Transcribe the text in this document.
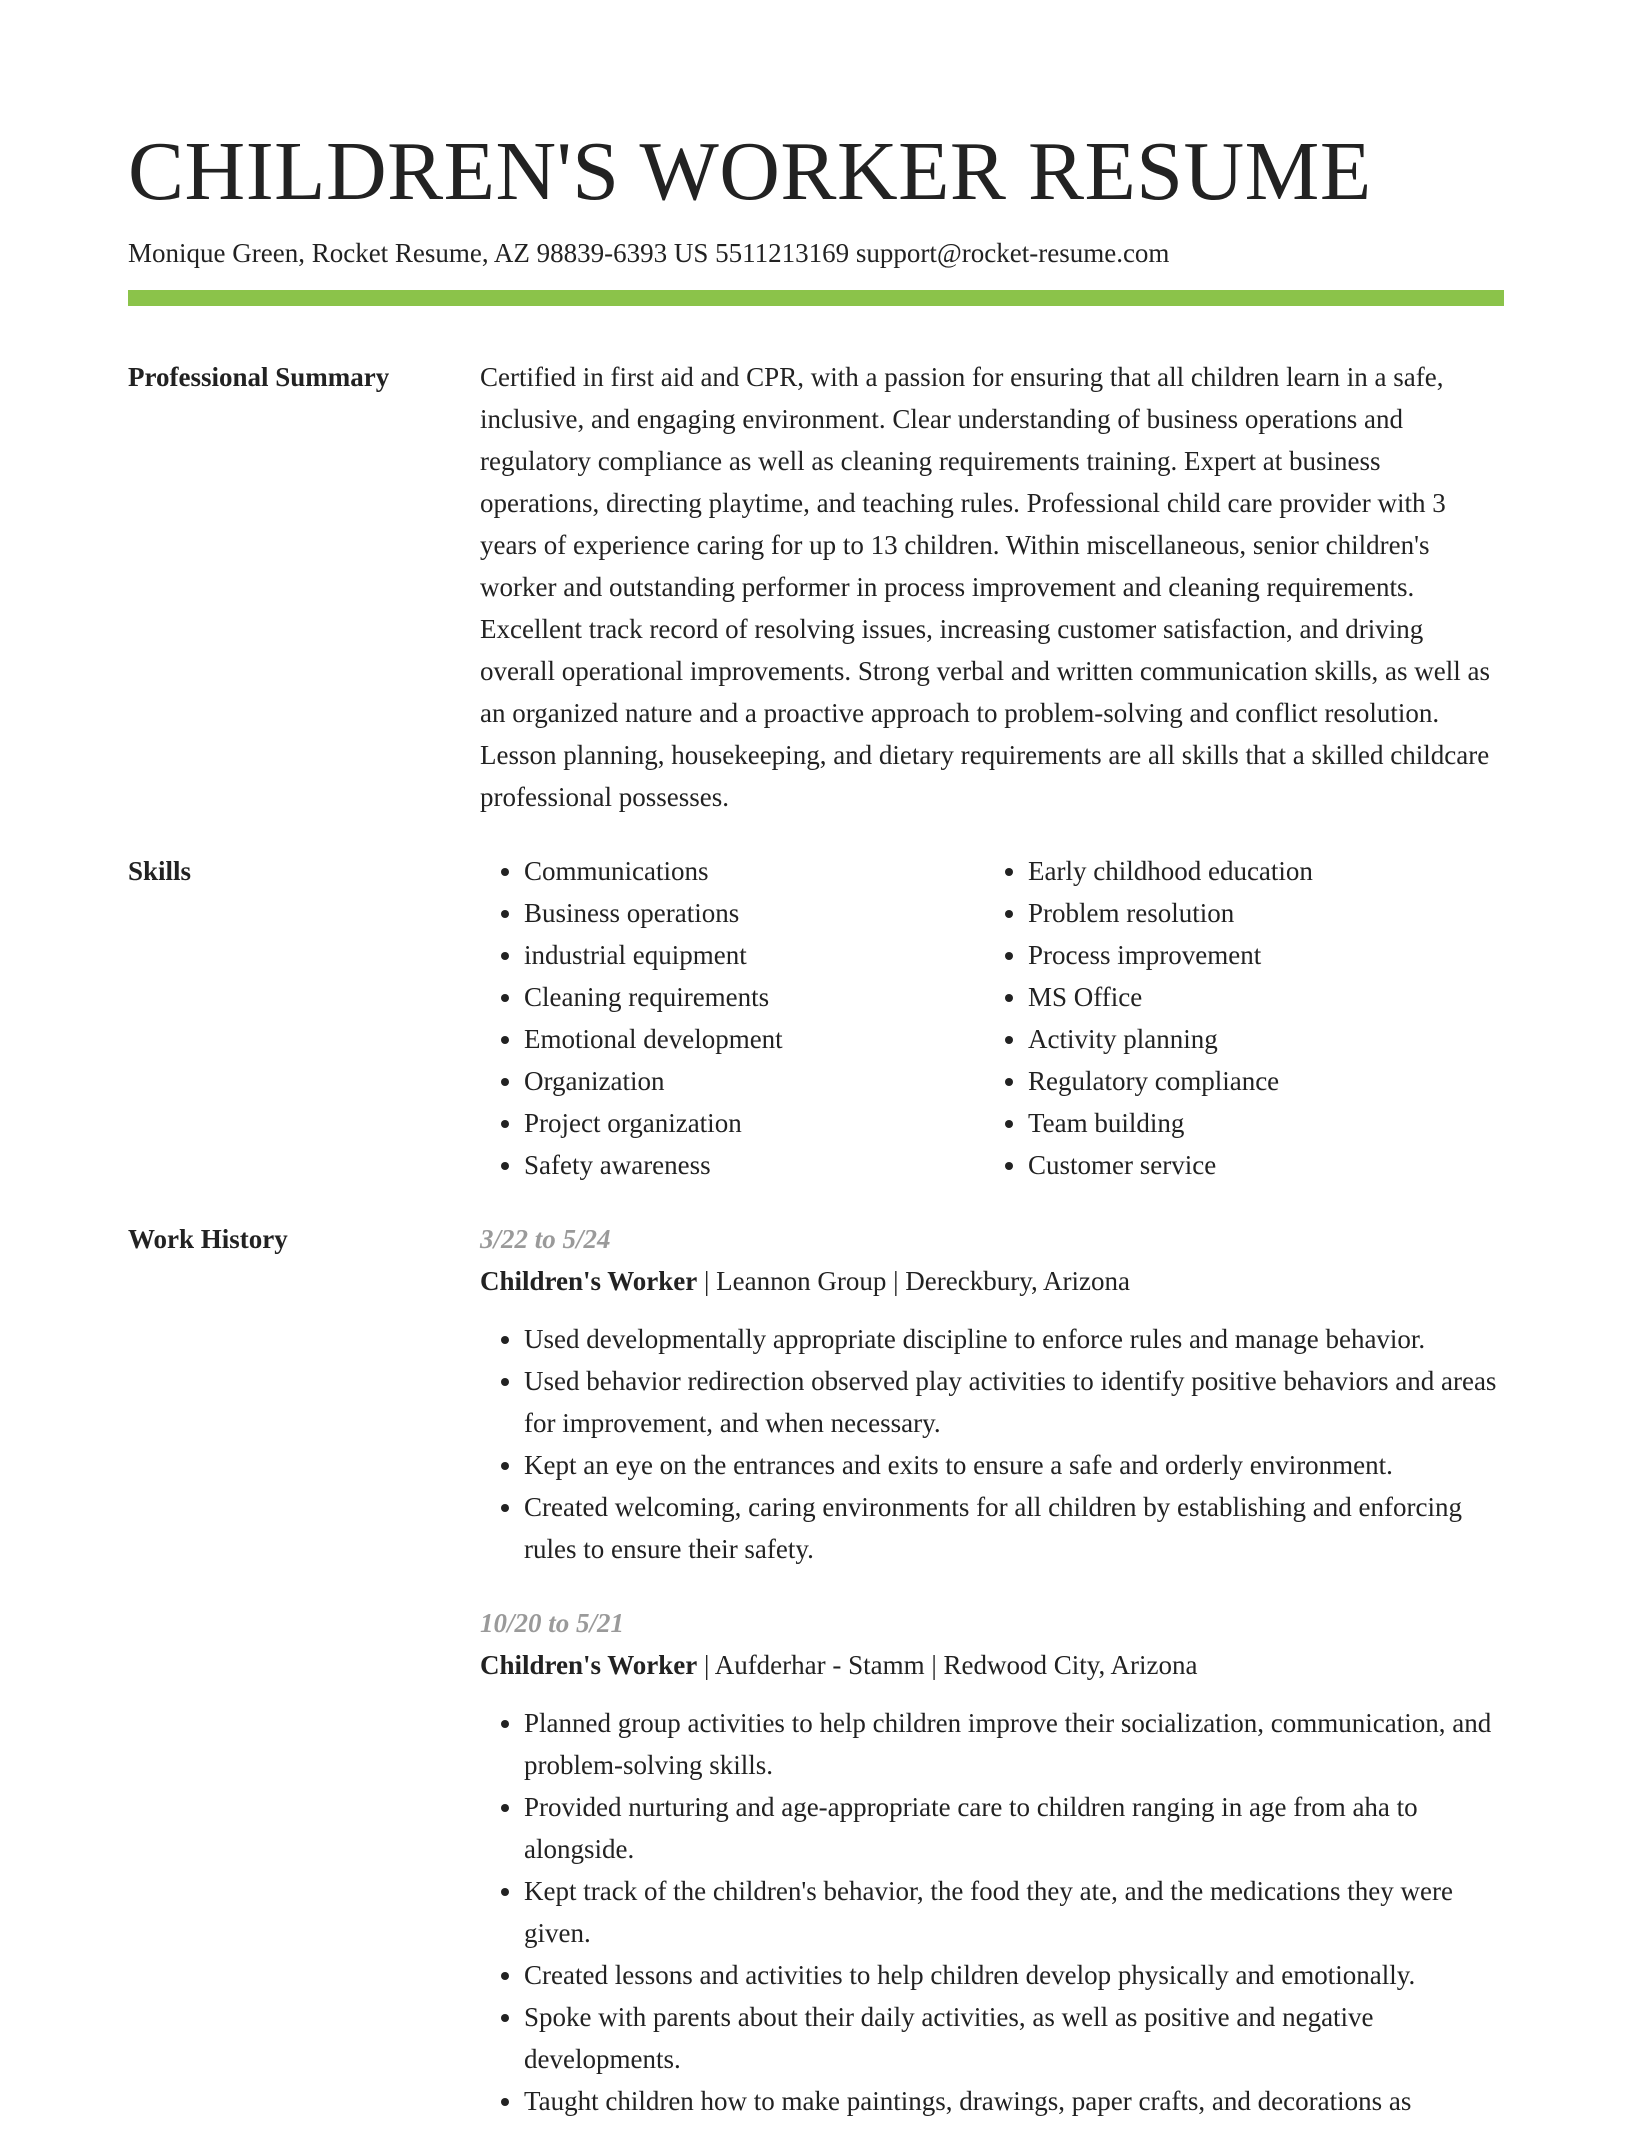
CHILDREN'S WORKER RESUME
Monique Green, Rocket Resume, AZ 98839-6393 US 5511213169 support@rocket-resume.com
Professional Summary	Certified in first aid and CPR, with a passion for ensuring that all children learn in a safe, inclusive, and engaging environment. Clear understanding of business operations and regulatory compliance as well as cleaning requirements training. Expert at business operations, directing playtime, and teaching rules. Professional child care provider with 3 years of experience caring for up to 13 children. Within miscellaneous, senior children's worker and outstanding performer in process improvement and cleaning requirements. Excellent track record of resolving issues, increasing customer satisfaction, and driving overall operational improvements. Strong verbal and written communication skills, as well as an organized nature and a proactive approach to problem-solving and conflict resolution. Lesson planning, housekeeping, and dietary requirements are all skills that a skilled childcare professional possesses.

Skills
•	Communications
• Business operations
• industrial equipment
• Cleaning requirements
• Emotional development
• Organization
• Project organization
• Safety awareness
• Early childhood education
• Problem resolution
• Process improvement
• MS Office
• Activity planning
• Regulatory compliance
• Team building
• Customer service
Work History	3/22 to 5/24
Children's Worker | Leannon Group | Dereckbury, Arizona
• Used developmentally appropriate discipline to enforce rules and manage behavior.
• Used behavior redirection observed play activities to identify positive behaviors and areas for improvement, and when necessary.
• Kept an eye on the entrances and exits to ensure a safe and orderly environment.
• Created welcoming, caring environments for all children by establishing and enforcing rules to ensure their safety.
10/20 to 5/21
Children's Worker | Aufderhar - Stamm | Redwood City, Arizona
• Planned group activities to help children improve their socialization, communication, and problem-solving skills.
• Provided nurturing and age-appropriate care to children ranging in age from aha to alongside.
• Kept track of the children's behavior, the food they ate, and the medications they were given.
• Created lessons and activities to help children develop physically and emotionally.
• Spoke with parents about their daily activities, as well as positive and negative developments.
• Taught children how to make paintings, drawings, paper crafts, and decorations as
